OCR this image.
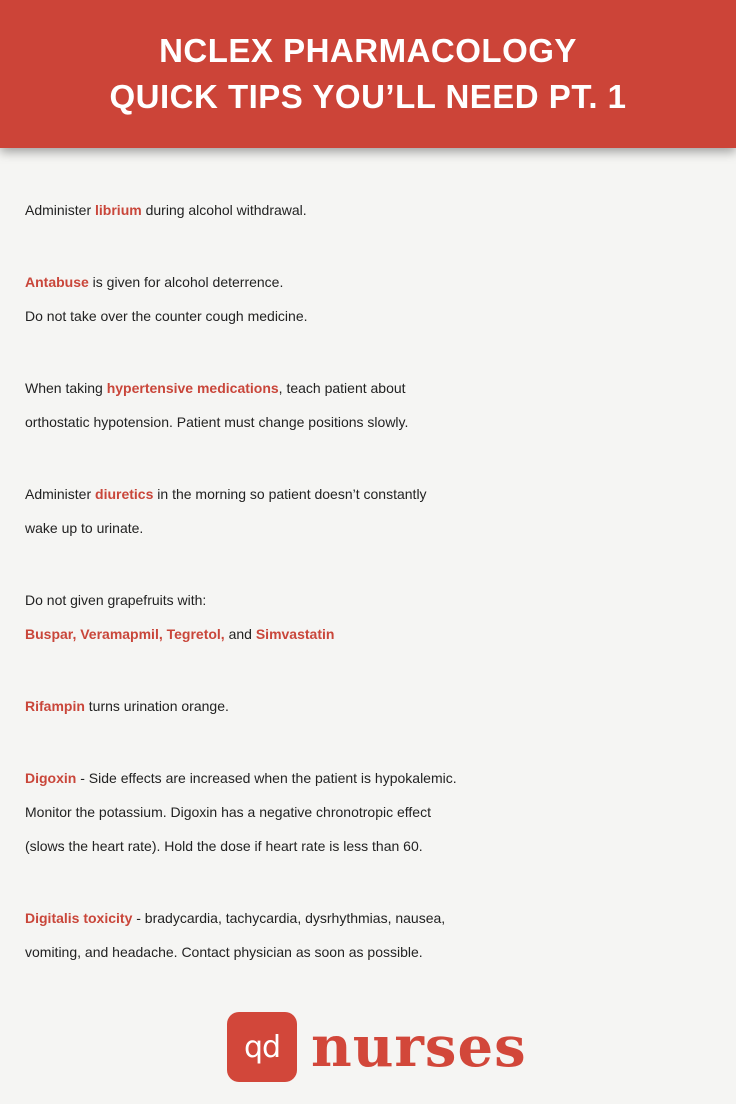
NCLEX PHARMACOLOGY
QUICK TIPS YOU’LL NEED PT. 1

Administer librium during alcohol withdrawal.

Antabuse is given for alcohol deterrence.

Do not take over the counter cough medicine.

When taking hypertensive medications, teach patient about

orthostatic hypotension. Patient must change positions slowly.

Administer diuretics in the morning so patient doesn’t constantly

wake up to urinate.

Do not given grapefruits with:

Buspar, Veramapmil, Tegretol, and Simvastatin

Rifampin turns urination orange.

Digoxin - Side effects are increased when the patient is hypokalemic.

Monitor the potassium. Digoxin has a negative chronotropic effect

(slows the heart rate). Hold the dose if heart rate is less than 60.

Digitalis toxicity - bradycardia, tachycardia, dysrhythmias, nausea,

vomiting, and headache. Contact physician as soon as possible.

qd nurses
